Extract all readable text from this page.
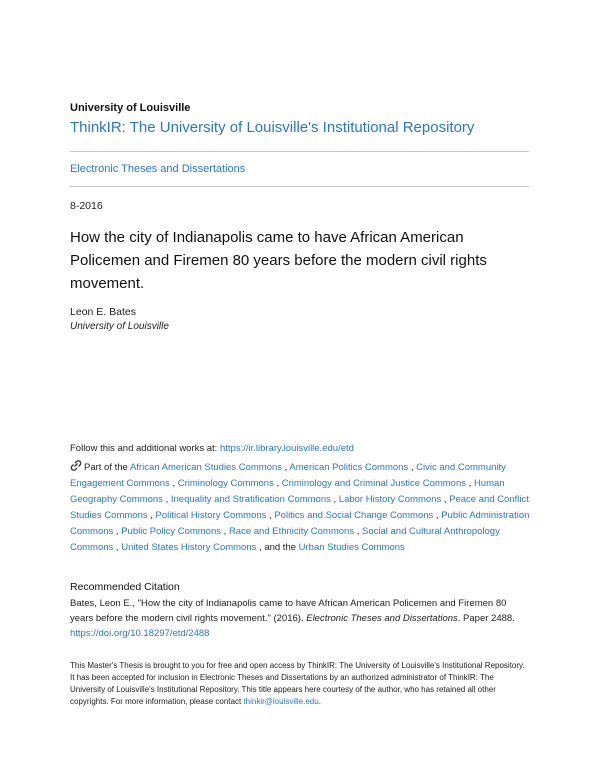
University of Louisville
ThinkIR: The University of Louisville's Institutional Repository
Electronic Theses and Dissertations
8-2016
How the city of Indianapolis came to have African American Policemen and Firemen 80 years before the modern civil rights movement.
Leon E. Bates
University of Louisville
Follow this and additional works at: https://ir.library.louisville.edu/etd
Part of the African American Studies Commons , American Politics Commons , Civic and Community Engagement Commons , Criminology Commons , Criminology and Criminal Justice Commons , Human Geography Commons , Inequality and Stratification Commons , Labor History Commons , Peace and Conflict Studies Commons , Political History Commons , Politics and Social Change Commons , Public Administration Commons , Public Policy Commons , Race and Ethnicity Commons , Social and Cultural Anthropology Commons , United States History Commons , and the Urban Studies Commons
Recommended Citation
Bates, Leon E., "How the city of Indianapolis came to have African American Policemen and Firemen 80 years before the modern civil rights movement." (2016). Electronic Theses and Dissertations. Paper 2488.
https://doi.org/10.18297/etd/2488
This Master's Thesis is brought to you for free and open access by ThinkIR: The University of Louisville's Institutional Repository. It has been accepted for inclusion in Electronic Theses and Dissertations by an authorized administrator of ThinkIR: The University of Louisville's Institutional Repository. This title appears here courtesy of the author, who has retained all other copyrights. For more information, please contact thinkir@louisville.edu.
